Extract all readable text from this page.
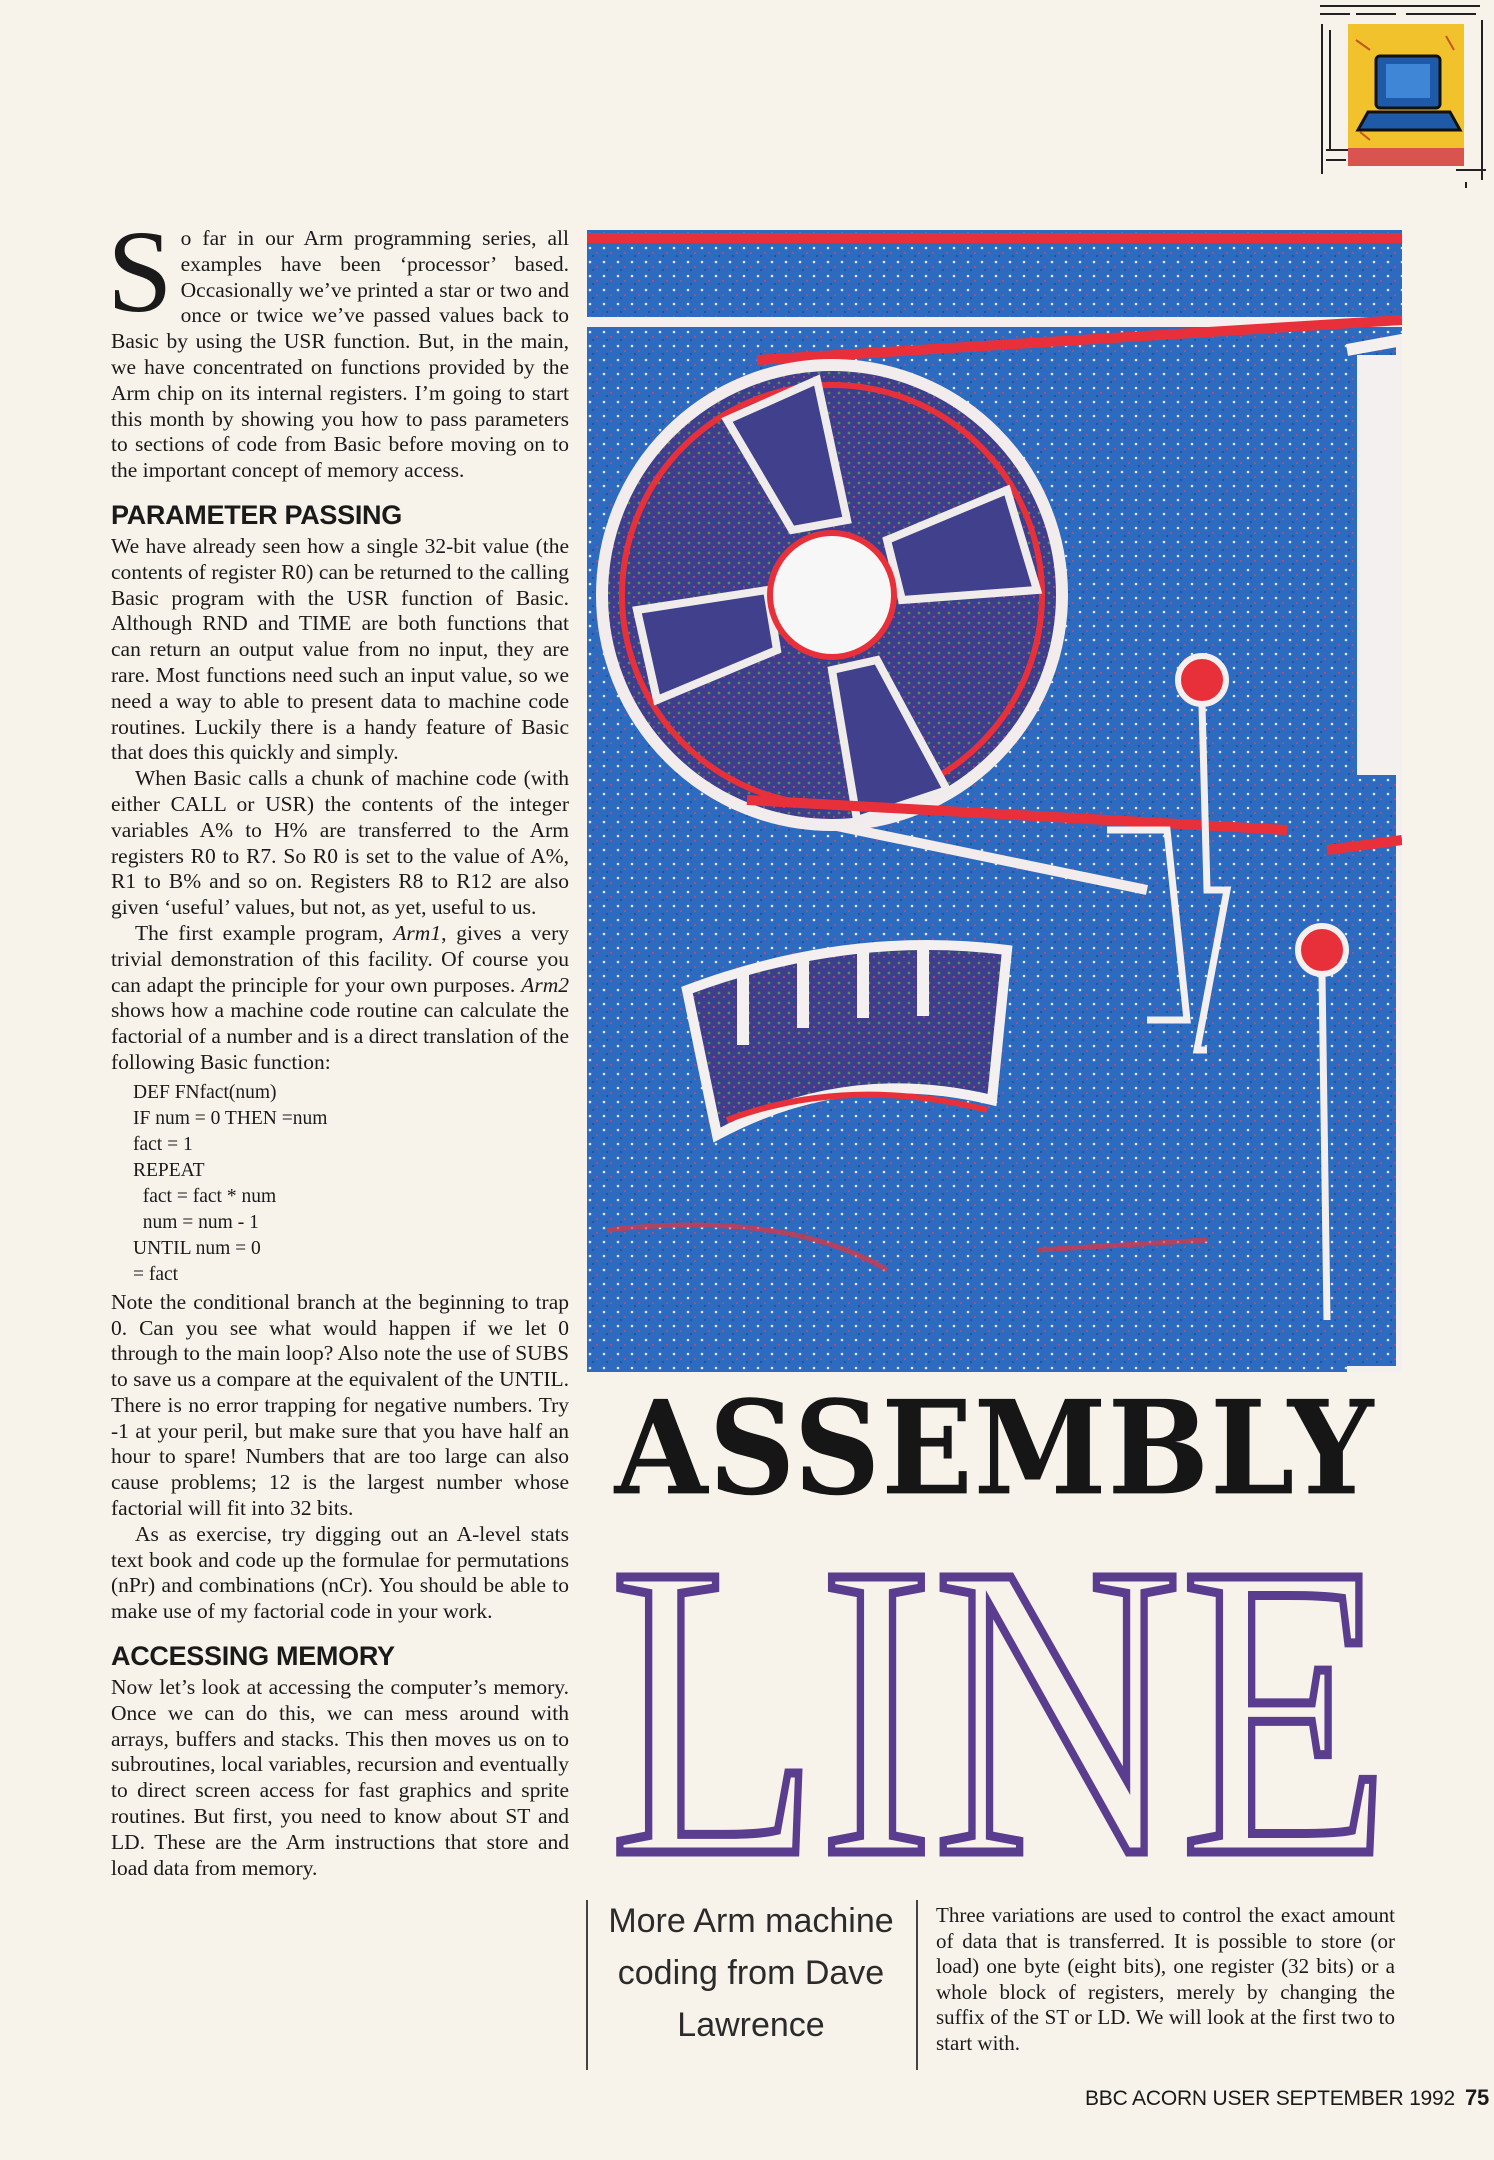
So far in our Arm programming series, all examples have been ‘processor’ based. Occasionally we’ve printed a star or two and once or twice we’ve passed values back to Basic by using the USR function. But, in the main, we have concentrated on functions provided by the Arm chip on its internal registers. I’m going to start this month by showing you how to pass parameters to sections of code from Basic before moving on to the important concept of memory access.

PARAMETER PASSING

We have already seen how a single 32-bit value (the contents of register R0) can be returned to the calling Basic program with the USR function of Basic. Although RND and TIME are both functions that can return an output value from no input, they are rare. Most functions need such an input value, so we need a way to able to present data to machine code routines. Luckily there is a handy feature of Basic that does this quickly and simply.

When Basic calls a chunk of machine code (with either CALL or USR) the contents of the integer variables A% to H% are transferred to the Arm registers R0 to R7. So R0 is set to the value of A%, R1 to B% and so on. Registers R8 to R12 are also given ‘useful’ values, but not, as yet, useful to us.

The first example program, Arm1, gives a very trivial demonstration of this facility. Of course you can adapt the principle for your own purposes. Arm2 shows how a machine code routine can calculate the factorial of a number and is a direct translation of the following Basic function:

DEF FNfact(num)
IF num = 0 THEN =num
fact = 1
REPEAT
fact = fact * num
num = num - 1
UNTIL num = 0
= fact

Note the conditional branch at the beginning to trap 0. Can you see what would happen if we let 0 through to the main loop? Also note the use of SUBS to save us a compare at the equivalent of the UNTIL. There is no error trapping for negative numbers. Try -1 at your peril, but make sure that you have half an hour to spare! Numbers that are too large can also cause problems; 12 is the largest number whose factorial will fit into 32 bits.

As as exercise, try digging out an A-level stats text book and code up the formulae for permutations (nPr) and combinations (nCr). You should be able to make use of my factorial code in your work.

ACCESSING MEMORY

Now let’s look at accessing the computer’s memory. Once we can do this, we can mess around with arrays, buffers and stacks. This then moves us on to subroutines, local variables, recursion and eventually to direct screen access for fast graphics and sprite routines. But first, you need to know about ST and LD. These are the Arm instructions that store and load data from memory.

ASSEMBLY
LINE
More Arm machine coding from Dave Lawrence

Three variations are used to control the exact amount of data that is transferred. It is possible to store (or load) one byte (eight bits), one register (32 bits) or a whole block of registers, merely by changing the suffix of the ST or LD. We will look at the first two to start with.

BBC ACORN USER SEPTEMBER 1992 75
